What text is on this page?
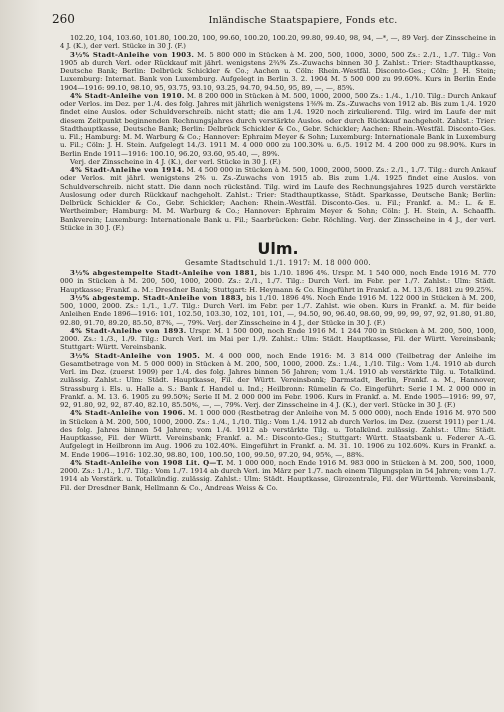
260	Inländische Staatspapiere, Fonds etc.

102.20, 104, 103.60, 101.80, 100.20, 100, 99.60, 100.20, 100.20, 99.80, 99.40, 98, 94, —*, —, 89 Verj. der Zinsscheine in 4 J. (K.), der verl. Stücke in 30 J. (F.)

3½% Stadt-Anleihe von 1903. M. 5 800 000 in Stücken à M. 200, 500, 1000, 3000, 500 Zs.: 2./1., 1./7. Tilg.: Von 1905 ab durch Verl. oder Rückkauf mit jährl. wenigstens 2¾% Zs.-Zuwachs binnen 30 J. Zahlst.: Trier: Stadthauptkasse, Deutsche Bank; Berlin: Delbrück Schickler & Co.; Aachen u. Cöln: Rhein.-Westfäl. Disconto-Ges.; Cöln: J. H. Stein; Luxemburg: Internat. Bank von Luxemburg. Aufgelegt in Berlin 3. 2. 1904 M. 5 500 000 zu 99.60%. Kurs in Berlin Ende 1904—1916: 99.10, 98.10, 95, 93.75, 93.10, 93.25, 94.70, 94.50, 95, 89, —, —, 85%.

4% Stadt-Anleihe von 1910. M. 8 200 000 in Stücken à M. 500, 1000, 2000, 500 Zs.: 1./4., 1./10. Tilg.: Durch Ankauf oder Verlos. im Dez. per 1./4. des folg. Jahres mit jährlich wenigstens 1⅜% m. Zs.-Zuwachs von 1912 ab. Bis zum 1./4. 1920 findet eine Auslos. oder Schuldverschreib. nicht statt; die am 1./4. 1920 noch zirkulierend. Tilg. wird im Laufe der mit diesem Zeitpunkt beginnenden Rechnungsjahres durch verstärkte Auslos. oder durch Rückkauf nachgeholt. Zahlst.: Trier: Stadthauptkasse, Deutsche Bank; Berlin: Delbrück Schickler & Co., Gebr. Schickler; Aachen: Rhein.-Westfäl. Disconto-Ges. u. Fil.; Hamburg: M. M. Warburg & Co.; Hannover: Ephraim Meyer & Sohn; Luxemburg: Internationale Bank in Luxemburg u. Fil.; Cöln: J. H. Stein. Aufgelegt 14./3. 1911 M. 4 000 000 zu 100.30% u. 6./5. 1912 M. 4 200 000 zu 98.90%. Kurs in Berlin Ende 1911—1916: 100.10, 96.20, 93.60, 95.40, —, 89%.

Verj. der Zinsscheine in 4 J. (K.), der verl. Stücke in 30 J. (F.)

4% Stadt-Anleihe von 1914. M. 4 500 000 in Stücken à M. 500, 1000, 2000, 5000. Zs.: 2./1., 1./7. Tilg.: durch Ankauf oder Verlos. mit jährl. wenigstens 2% u. Zs.-Zuwachs von 1915 ab. Bis zum 1./4. 1925 findet eine Auslos. von Schuldverschreib. nicht statt. Die dann noch rückständ. Tilg. wird im Laufe des Rechnungsjahres 1925 durch verstärkte Auslosung oder durch Rückkauf nachgeholt. Zahlst.: Trier: Stadthauptkasse, Städt. Sparkasse, Deutsche Bank; Berlin: Delbrück Schickler & Co., Gebr. Schickler; Aachen: Rhein.-Westfäl. Disconto-Ges. u. Fil.; Frankf. a. M.: L. & E. Wertheimber; Hamburg: M. M. Warburg & Co.; Hannover: Ephraim Meyer & Sohn; Cöln: J. H. Stein, A. Schaaffh. Bankverein; Luxemburg: Internationale Bank u. Fil.; Saarbrücken: Gebr. Röchling. Verj. der Zinsscheine in 4 J., der verl. Stücke in 30 J. (F.)

Ulm.
Gesamte Stadtschuld 1./1. 1917: M. 18 000 000.

3½% abgestempelte Stadt-Anleihe von 1881, bis 1./10. 1896 4%. Urspr. M. 1 540 000, noch Ende 1916 M. 770 000 in Stücken à M. 200, 500, 1000, 2000. Zs.: 2./1., 1./7. Tilg.: Durch Verl. im Febr. per 1./7. Zahlst.: Ulm: Städt. Hauptkasse; Frankf. a. M.: Dresdner Bank; Stuttgart: H. Heymann & Co. Eingeführt in Frankf. a. M. 13./6. 1881 zu 99.25%.

3½% abgestemp. Stadt-Anleihe von 1883, bis 1./10. 1896 4%. Noch Ende 1916 M. 122 000 in Stücken à M. 200, 500, 1000, 2000. Zs.: 1./1., 1./7. Tilg.: Durch Verl. im Febr. per 1./7. Zahlst. wie oben. Kurs in Frankf. a. M. für beide Anleihen Ende 1896—1916: 101, 102.50, 103.30, 102, 101, 101, —, 94.50, 90, 96.40, 98.60, 99, 99, 99, 97, 92, 91.80, 91.80, 92.80, 91.70, 89.20, 85.50, 87%, —, 79%. Verj. der Zinsscheine in 4 J., der Stücke in 30 J. (F.)

4% Stadt-Anleihe von 1893. Urspr. M. 1 500 000, noch Ende 1916 M. 1 244 700 in Stücken à M. 200, 500, 1000, 2000. Zs.: 1./3., 1./9. Tilg.: Durch Verl. im Mai per 1./9. Zahlst.: Ulm: Städt. Hauptkasse, Fil. der Württ. Vereinsbank; Stuttgart: Württ. Vereinsbank.

3½% Stadt-Anleihe von 1905. M. 4 000 000, noch Ende 1916: M. 3 814 000 (Teilbetrag der Anleihe im Gesamtbetrage von M. 5 000 000) in Stücken à M. 200, 500, 1000, 2000. Zs.: 1./4., 1./10. Tilg.: Vom 1./4. 1910 ab durch Verl. im Dez. (zuerst 1909) per 1./4. des folg. Jahres binnen 56 Jahren; vom 1./4. 1910 ab verstärkte Tilg. u. Totalkünd. zulässig. Zahlst.: Ulm: Städt. Hauptkasse, Fil. der Württ. Vereinsbank; Darmstadt, Berlin, Frankf. a. M., Hannover, Strassburg i. Els. u. Halle a. S.: Bank f. Handel u. Ind.; Heilbronn: Rümelin & Co. Eingeführt: Serie I M. 2 000 000 in Frankf. a. M. 13. 6. 1905 zu 99.50%; Serie II M. 2 000 000 im Febr. 1906. Kurs in Frankf. a. M. Ende 1905—1916: 99, 97, 92, 91.80, 92, 92, 87.40, 82.10, 85.50%, —, —, 79%. Verj. der Zinsscheine in 4 J. (K.), der verl. Stücke in 30 J. (F.)

4% Stadt-Anleihe von 1906. M. 1 000 000 (Restbetrag der Anleihe von M. 5 000 000), noch Ende 1916 M. 970 500 in Stücken à M. 200, 500, 1000, 2000. Zs.: 1./4., 1./10. Tilg.: Vom 1./4. 1912 ab durch Verlos. im Dez. (zuerst 1911) per 1./4. des folg. Jahres binnen 54 Jahren; vom 1./4. 1912 ab verstärkte Tilg. u. Totalkünd. zulässig. Zahlst.: Ulm: Städt. Hauptkasse, Fil. der Württ. Vereinsbank; Frankf. a. M.: Disconto-Ges.; Stuttgart: Württ. Staatsbank u. Federer A.-G. Aufgelegt in Heilbronn im Aug. 1906 zu 102.40%. Eingeführt in Frankf. a. M. 31. 10. 1906 zu 102.60%. Kurs in Frankf. a. M. Ende 1906—1916: 102.30, 98.80, 100, 100.50, 100, 99.50, 97.20, 94, 95%, —, 88%.

4% Stadt-Anleihe von 1908 Lit. Q—T. M. 1 000 000, noch Ende 1916 M. 983 000 in Stücken à M. 200, 500, 1000, 2000. Zs.: 1./1., 1./7. Tilg.: Vom 1./7. 1914 ab durch Verl. im März per 1./7. nach einem Tilgungsplan in 54 Jahren; vom 1./7. 1914 ab Verstärk. u. Totalkündig. zulässig. Zahlst.: Ulm: Städt. Hauptkasse, Girozentrale, Fil. der Württemb. Vereinsbank, Fil. der Dresdner Bank, Hellmann & Co., Andreas Weiss & Co.
